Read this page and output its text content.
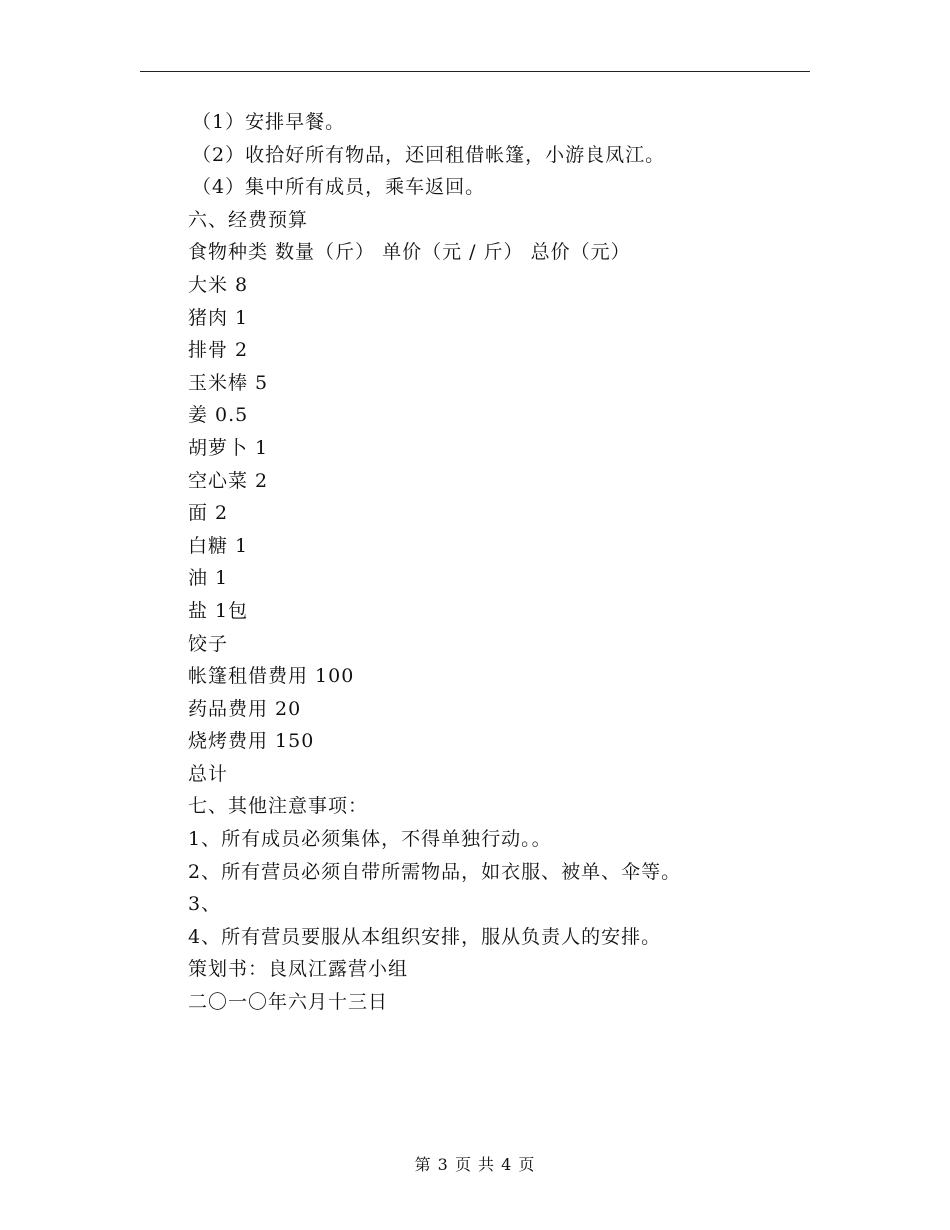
（1）安排早餐。
（2）收拾好所有物品，还回租借帐篷，小游良凤江。
（4）集中所有成员，乘车返回。
六、经费预算
食物种类 数量（斤） 单价（元 / 斤） 总价（元）
大米 8
猪肉 1
排骨 2
玉米棒 5
姜 0.5
胡萝卜 1
空心菜 2
面 2
白糖 1
油 1
盐 1包
饺子
帐篷租借费用 100
药品费用 20
烧烤费用 150
总计
七、其他注意事项：
1、所有成员必须集体，不得单独行动。。
2、所有营员必须自带所需物品，如衣服、被单、伞等。
3、
4、所有营员要服从本组织安排，服从负责人的安排。
策划书：良凤江露营小组
二〇一〇年六月十三日
第 3 页 共 4 页
